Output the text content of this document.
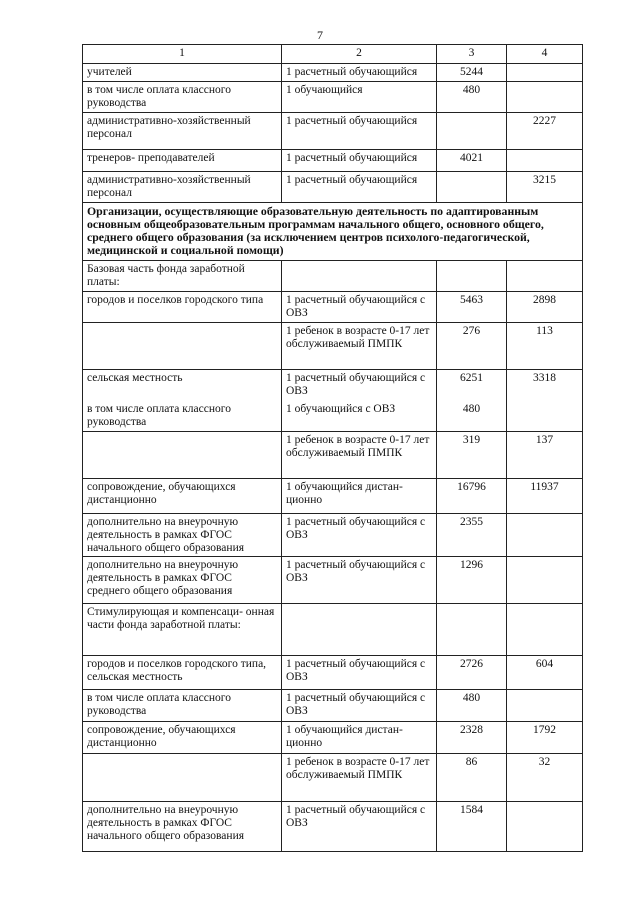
7
1	2	3	4
учителей	1 расчетный обучающийся	5244	
в том числе оплата классного руководства	1 обучающийся	480	
административно-хозяйственный персонал	1 расчетный обучающийся		2227
тренеров- преподавателей	1 расчетный обучающийся	4021	
административно-хозяйственный персонал	1 расчетный обучающийся		3215
Организации, осуществляющие образовательную деятельность по адаптированным основным общеобразовательным программам начального общего, основного общего, среднего общего образования (за исключением центров психолого-педагогической, медицинской и социальной помощи)			
Базовая часть фонда заработной платы:			
городов и поселков городского типа	1 расчетный обучающийся с ОВЗ	5463	2898
	1 ребенок в возрасте 0-17 лет обслуживаемый ПМПК	276	113
сельская местность	1 расчетный обучающийся с ОВЗ	6251	3318
в том числе оплата классного руководства	1 обучающийся с ОВЗ	480	
	1 ребенок в возрасте 0-17 лет обслуживаемый ПМПК	319	137
сопровождение, обучающихся дистанционно	1 обучающийся дистан- ционно	16796	11937
дополнительно на внеурочную деятельность в рамках ФГОС начального общего образования	1 расчетный обучающийся с ОВЗ	2355	
дополнительно на внеурочную деятельность в рамках ФГОС среднего общего образования	1 расчетный обучающийся с ОВЗ	1296	
Стимулирующая и компенсаци- онная части фонда заработной платы:			
городов и поселков городского типа, сельская местность	1 расчетный обучающийся с ОВЗ	2726	604
в том числе оплата классного руководства	1 расчетный обучающийся с ОВЗ	480	
сопровождение, обучающихся дистанционно	1 обучающийся дистан- ционно	2328	1792
	1 ребенок в возрасте 0-17 лет обслуживаемый ПМПК	86	32
дополнительно на внеурочную деятельность в рамках ФГОС начального общего образования	1 расчетный обучающийся с ОВЗ	1584	
